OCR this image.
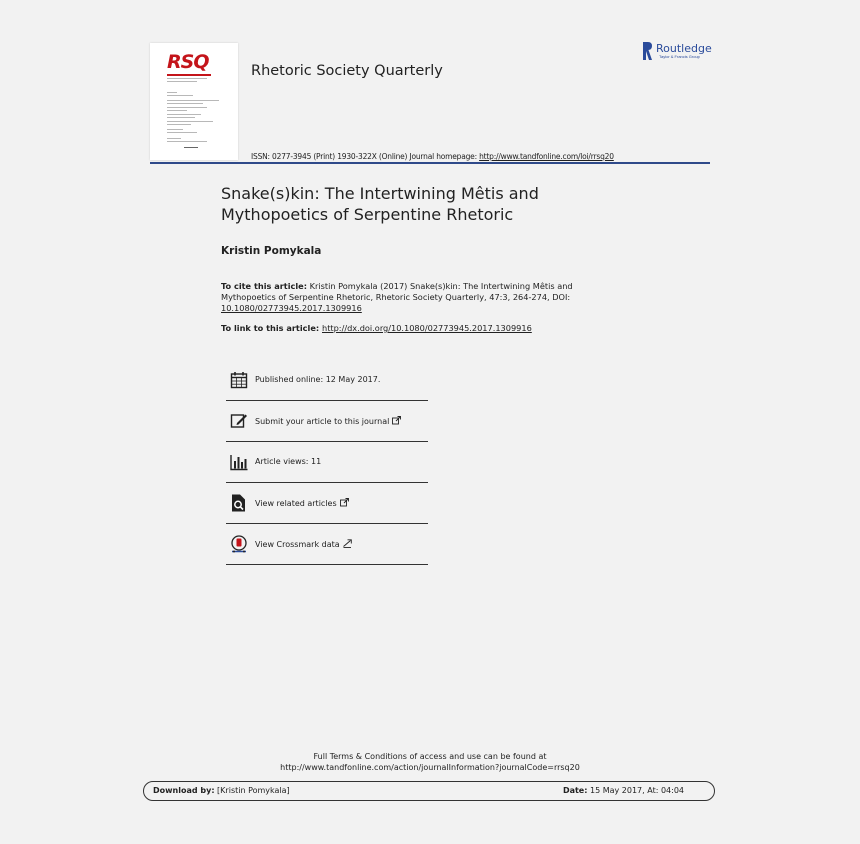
RSQ	Rhetoric Society Quarterly
Routledge
Taylor & Francis Group
ISSN: 0277-3945 (Print) 1930-322X (Online) Journal homepage: http://www.tandfonline.com/loi/rrsq20
Snake(s)kin: The Intertwining Mêtis and Mythopoetics of Serpentine Rhetoric
Kristin Pomykala
To cite this article: Kristin Pomykala (2017) Snake(s)kin: The Intertwining Mêtis and Mythopoetics of Serpentine Rhetoric, Rhetoric Society Quarterly, 47:3, 264-274, DOI: 10.1080/02773945.2017.1309916
To link to this article: http://dx.doi.org/10.1080/02773945.2017.1309916
Published online: 12 May 2017.
Submit your article to this journal
Article views: 11
View related articles
View Crossmark data
Full Terms & Conditions of access and use can be found at
http://www.tandfonline.com/action/journalInformation?journalCode=rrsq20
Download by: [Kristin Pomykala]	Date: 15 May 2017, At: 04:04
